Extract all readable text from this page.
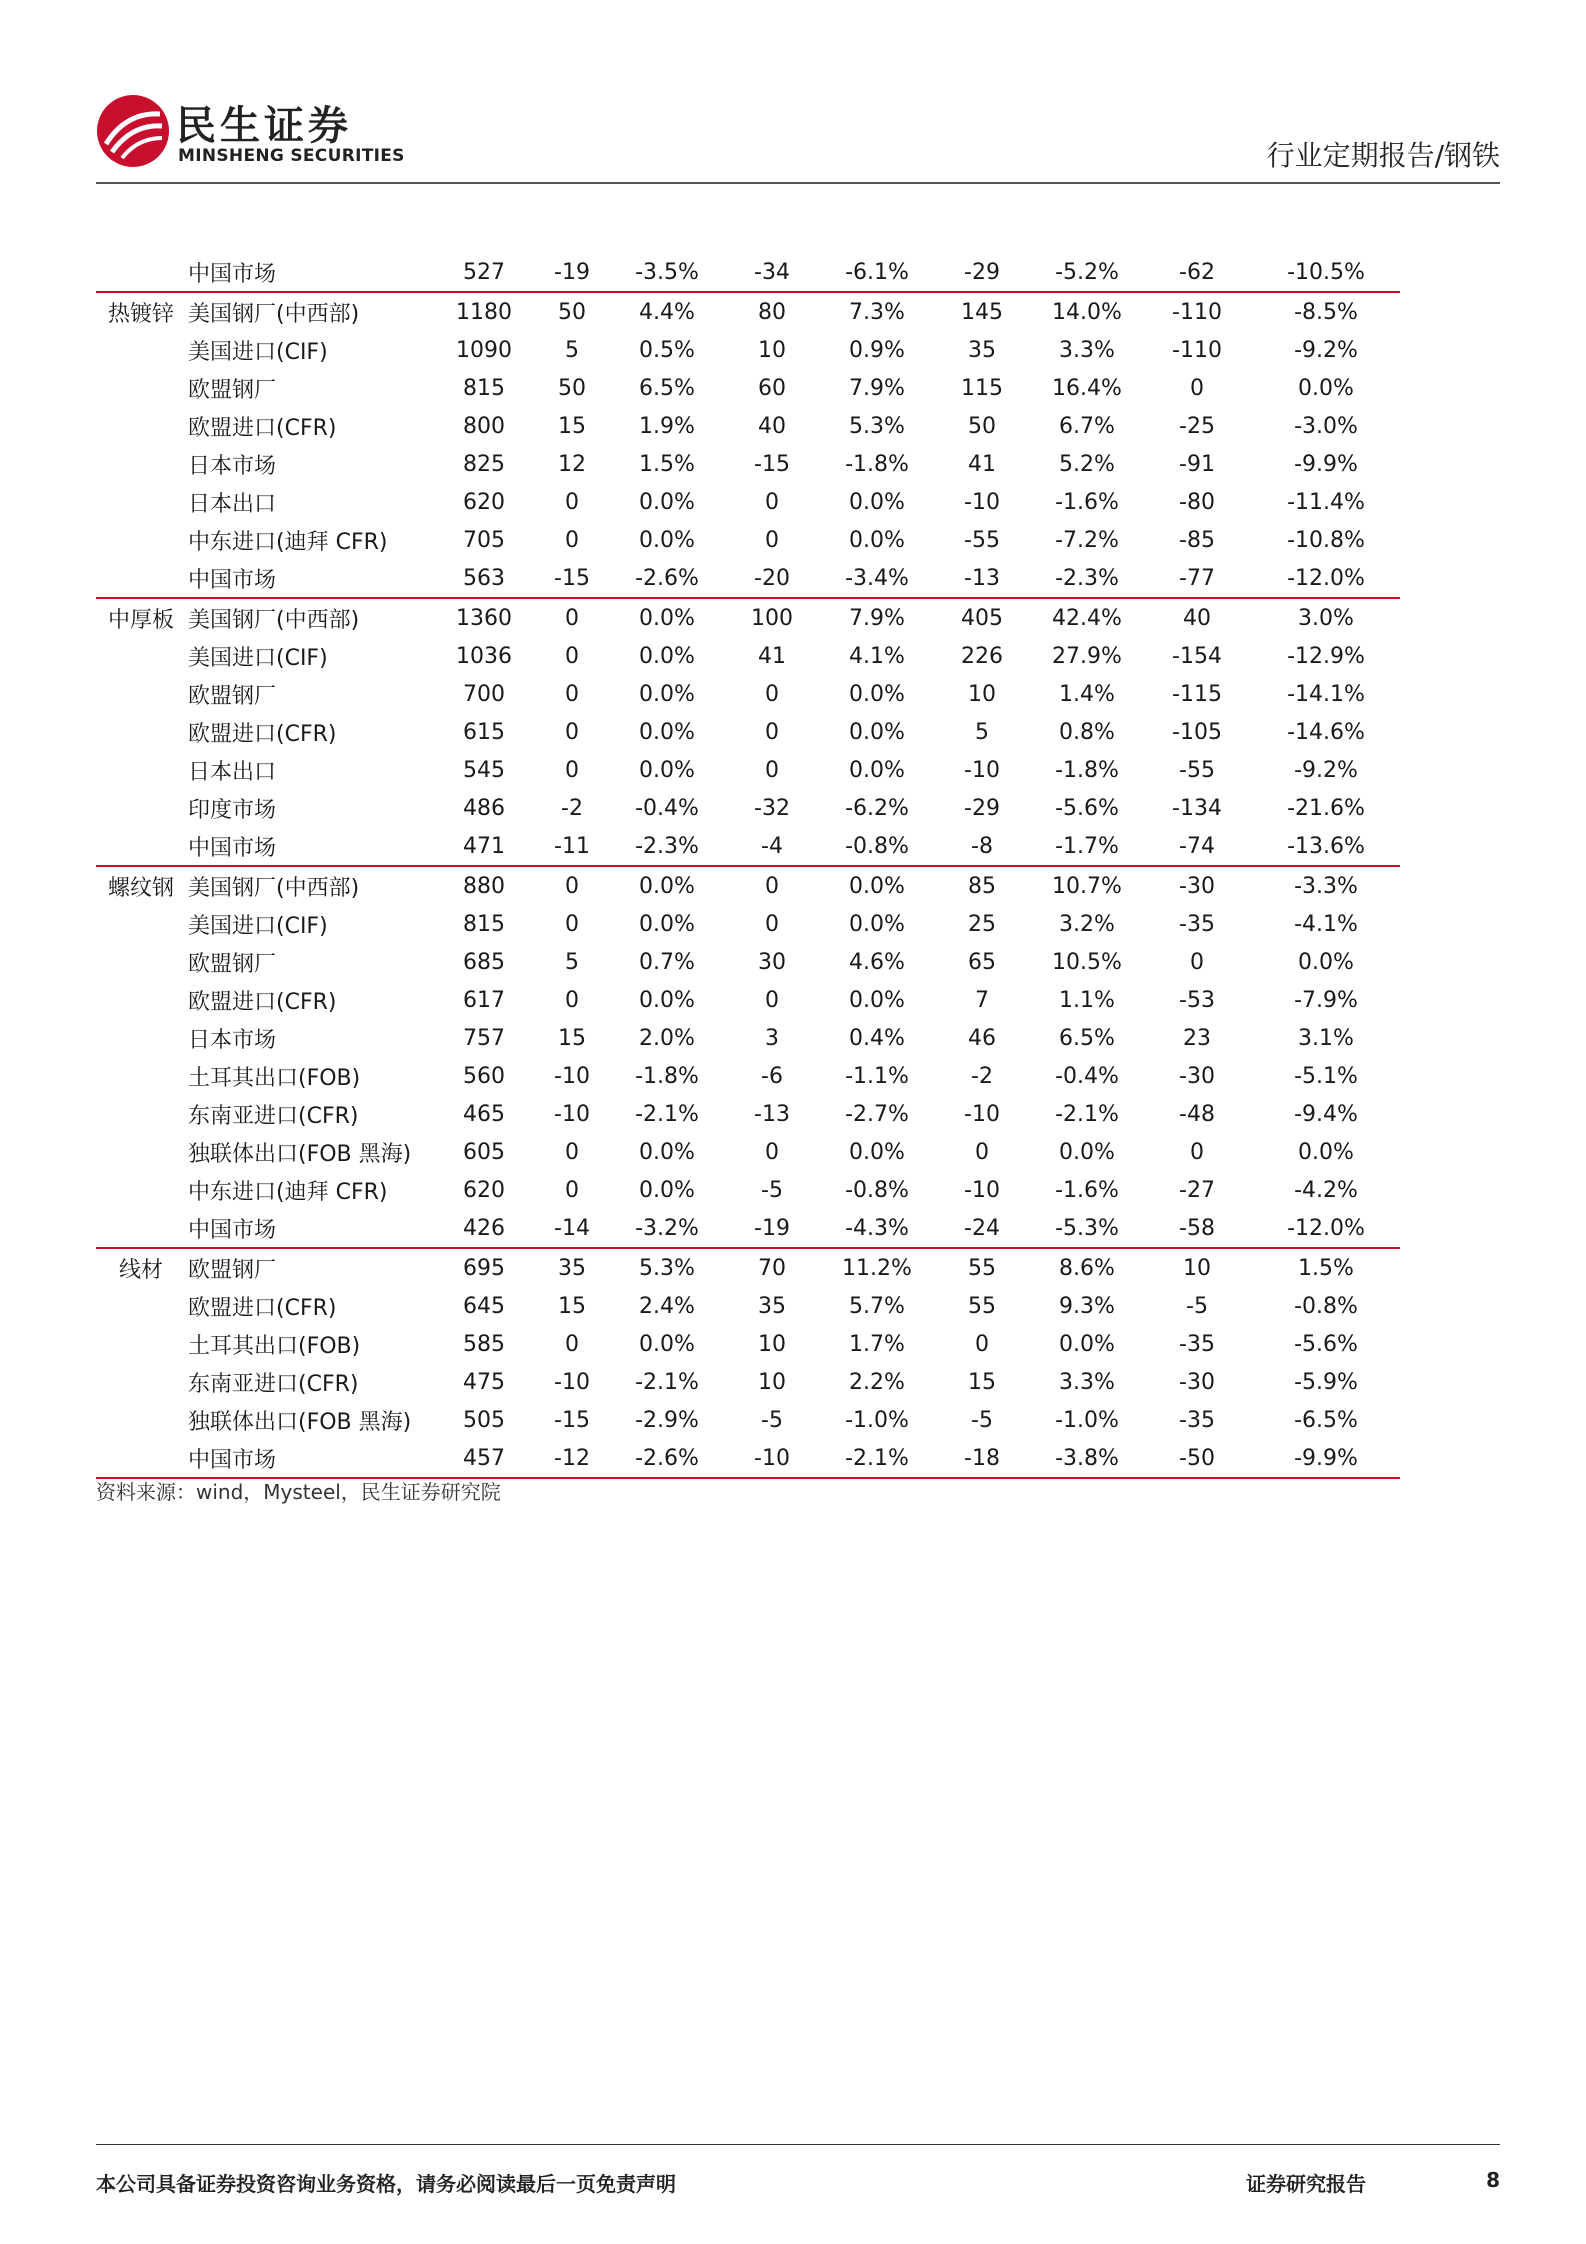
民生证券
MINSHENG SECURITIES	行业定期报告/钢铁
	中国市场	527	-19	-3.5%	-34	-6.1%	-29	-5.2%	-62	-10.5%
热镀锌	美国钢厂(中西部)	1180	50	4.4%	80	7.3%	145	14.0%	-110	-8.5%
	美国进口(CIF)	1090	5	0.5%	10	0.9%	35	3.3%	-110	-9.2%
	欧盟钢厂	815	50	6.5%	60	7.9%	115	16.4%	0	0.0%
	欧盟进口(CFR)	800	15	1.9%	40	5.3%	50	6.7%	-25	-3.0%
	日本市场	825	12	1.5%	-15	-1.8%	41	5.2%	-91	-9.9%
	日本出口	620	0	0.0%	0	0.0%	-10	-1.6%	-80	-11.4%
	中东进口(迪拜 CFR)	705	0	0.0%	0	0.0%	-55	-7.2%	-85	-10.8%
	中国市场	563	-15	-2.6%	-20	-3.4%	-13	-2.3%	-77	-12.0%
中厚板	美国钢厂(中西部)	1360	0	0.0%	100	7.9%	405	42.4%	40	3.0%
	美国进口(CIF)	1036	0	0.0%	41	4.1%	226	27.9%	-154	-12.9%
	欧盟钢厂	700	0	0.0%	0	0.0%	10	1.4%	-115	-14.1%
	欧盟进口(CFR)	615	0	0.0%	0	0.0%	5	0.8%	-105	-14.6%
	日本出口	545	0	0.0%	0	0.0%	-10	-1.8%	-55	-9.2%
	印度市场	486	-2	-0.4%	-32	-6.2%	-29	-5.6%	-134	-21.6%
	中国市场	471	-11	-2.3%	-4	-0.8%	-8	-1.7%	-74	-13.6%
螺纹钢	美国钢厂(中西部)	880	0	0.0%	0	0.0%	85	10.7%	-30	-3.3%
	美国进口(CIF)	815	0	0.0%	0	0.0%	25	3.2%	-35	-4.1%
	欧盟钢厂	685	5	0.7%	30	4.6%	65	10.5%	0	0.0%
	欧盟进口(CFR)	617	0	0.0%	0	0.0%	7	1.1%	-53	-7.9%
	日本市场	757	15	2.0%	3	0.4%	46	6.5%	23	3.1%
	土耳其出口(FOB)	560	-10	-1.8%	-6	-1.1%	-2	-0.4%	-30	-5.1%
	东南亚进口(CFR)	465	-10	-2.1%	-13	-2.7%	-10	-2.1%	-48	-9.4%
	独联体出口(FOB 黑海)	605	0	0.0%	0	0.0%	0	0.0%	0	0.0%
	中东进口(迪拜 CFR)	620	0	0.0%	-5	-0.8%	-10	-1.6%	-27	-4.2%
	中国市场	426	-14	-3.2%	-19	-4.3%	-24	-5.3%	-58	-12.0%
线材	欧盟钢厂	695	35	5.3%	70	11.2%	55	8.6%	10	1.5%
	欧盟进口(CFR)	645	15	2.4%	35	5.7%	55	9.3%	-5	-0.8%
	土耳其出口(FOB)	585	0	0.0%	10	1.7%	0	0.0%	-35	-5.6%
	东南亚进口(CFR)	475	-10	-2.1%	10	2.2%	15	3.3%	-30	-5.9%
	独联体出口(FOB 黑海)	505	-15	-2.9%	-5	-1.0%	-5	-1.0%	-35	-6.5%
	中国市场	457	-12	-2.6%	-10	-2.1%	-18	-3.8%	-50	-9.9%
资料来源：wind，Mysteel，民生证券研究院
本公司具备证券投资咨询业务资格，请务必阅读最后一页免责声明	证券研究报告	8
